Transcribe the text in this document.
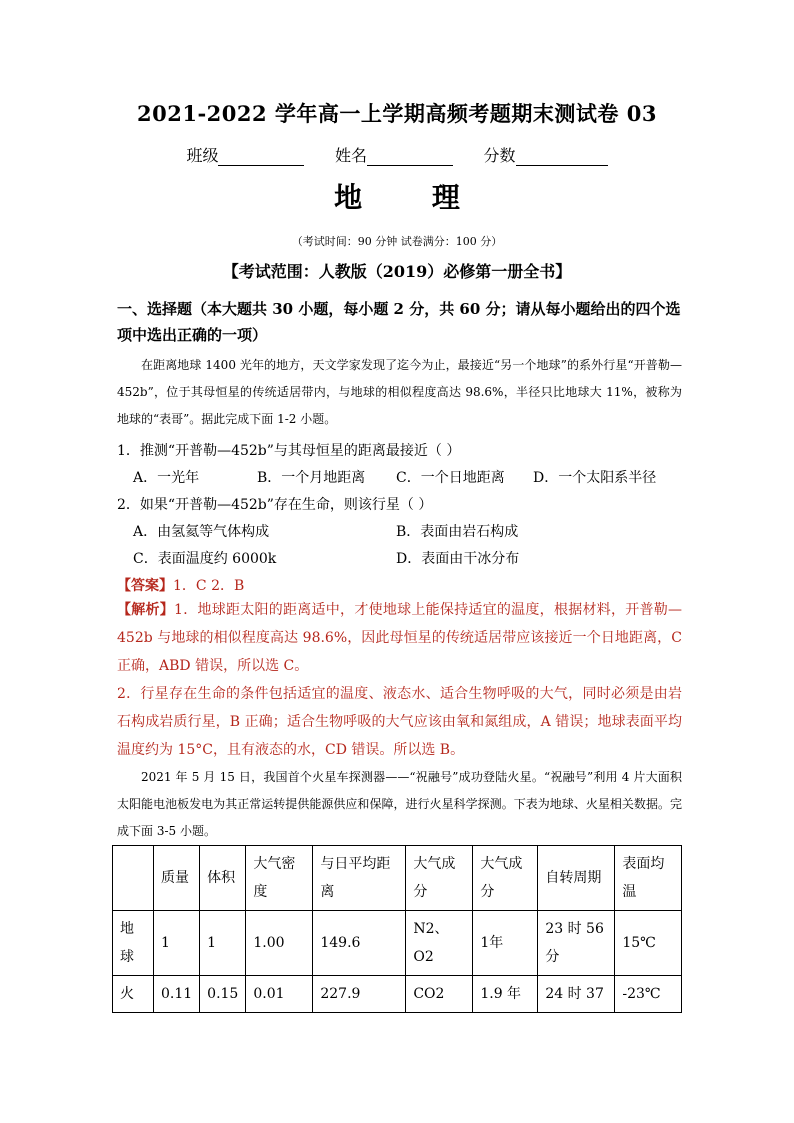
2021-2022 学年高一上学期高频考题期末测试卷 03
班级	姓名	分数
地 理
（考试时间：90 分钟 试卷满分：100 分）
【考试范围：人教版（2019）必修第一册全书】
一、选择题（本大题共 30 小题，每小题 2 分，共 60 分；请从每小题给出的四个选项中选出正确的一项）
在距离地球 1400 光年的地方，天文学家发现了迄今为止，最接近“另一个地球”的系外行星“开普勒—452b”，位于其母恒星的传统适居带内，与地球的相似程度高达 98.6%，半径只比地球大 11%，被称为地球的“表哥”。据此完成下面 1-2 小题。
1．推测“开普勒—452b”与其母恒星的距离最接近（ ）
A．一光年	B．一个月地距离 C．一个日地距离 D．一个太阳系半径
2．如果“开普勒—452b”存在生命，则该行星（ ）
A．由氢氦等气体构成	B．表面由岩石构成
C．表面温度约 6000k	D．表面由干冰分布
【答案】1．C 2．B
【解析】1．地球距太阳的距离适中，才使地球上能保持适宜的温度，根据材料，开普勒—452b 与地球的相似程度高达 98.6%，因此母恒星的传统适居带应该接近一个日地距离，C 正确，ABD 错误，所以选 C。
2．行星存在生命的条件包括适宜的温度、液态水、适合生物呼吸的大气，同时必须是由岩石构成岩质行星，B 正确；适合生物呼吸的大气应该由氧和氮组成，A 错误；地球表面平均温度约为 15°C，且有液态的水，CD 错误。所以选 B。
2021 年 5 月 15 日，我国首个火星车探测器——“祝融号”成功登陆火星。“祝融号”利用 4 片大面积太阳能电池板发电为其正常运转提供能源供应和保障，进行火星科学探测。下表为地球、火星相关数据。完成下面 3-5 小题。
	质量	体积	大气密度	与日平均距离	大气成分	大气成分	自转周期	表面均温
地球	1	1	1.00	149.6	N2、O2	1年	23 时 56 分	15℃
火	0.11	0.15	0.01	227.9	CO2	1.9 年	24 时 37	-23℃
